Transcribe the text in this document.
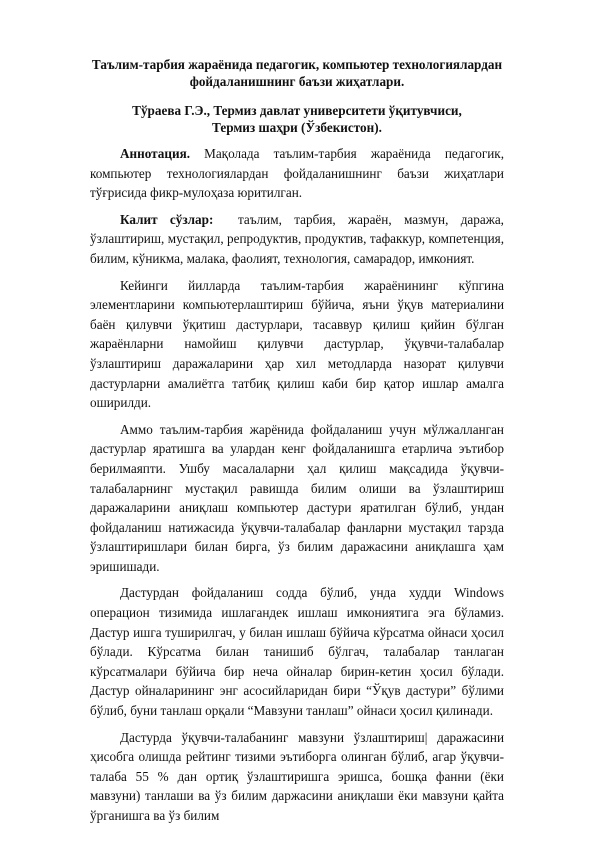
Таълим-тарбия жараёнида педагогик, компьютер технологиялардан
фойдаланишнинг баъзи жиҳатлари.
Тўраева Г.Э., Термиз давлат университети ўқитувчиси,
Термиз шаҳри (Ўзбекистон).

Аннотация. Мақолада таълим-тарбия жараёнида педагогик, компьютер технологиялардан фойдаланишнинг баъзи жиҳатлари тўғрисида фикр-мулоҳаза юритилган.

Калит сўзлар:  таълим, тарбия, жараён, мазмун, даража, ўзлаштириш, мустақил, репродуктив, продуктив, тафаккур, компетенция, билим, кўникма, малака, фаолият, технология, самарадор, имконият.

Кейинги йилларда таълим-тарбия жараёнининг кўпгина элементларини компьютерлаштириш бўйича, яъни ўқув материалини баён қилувчи ўқитиш дастурлари, тасаввур қилиш қийин бўлган жараёнларни намойиш қилувчи дастурлар, ўқувчи-талабалар ўзлаштириш даражаларини ҳар хил методларда назорат қилувчи дастурларни амалиётга татбиқ қилиш каби бир қатор ишлар амалга оширилди.

Аммо таълим-тарбия жарёнида фойдаланиш учун мўлжалланган дастурлар яратишга ва улардан кенг фойдаланишга етарлича эътибор берилмаяпти. Ушбу масалаларни ҳал қилиш мақсадида ўқувчи-талабаларнинг мустақил равишда билим олиши ва ўзлаштириш даражаларини аниқлаш компьютер дастури яратилган бўлиб, ундан фойдаланиш натижасида ўқувчи-талабалар фанларни мустақил тарзда ўзлаштиришлари билан бирга, ўз билим даражасини аниқлашга ҳам эришишади.

Дастурдан фойдаланиш содда бўлиб, унда худди Windows операцион тизимида ишлагандек ишлаш имкониятига эга бўламиз. Дастур ишга туширилгач, у билан ишлаш бўйича кўрсатма ойнаси ҳосил бўлади. Кўрсатма билан танишиб бўлгач, талабалар танлаган кўрсатмалари бўйича бир неча ойналар бирин-кетин ҳосил бўлади. Дастур ойналарининг энг асосийларидан бири “Ўқув дастури” бўлими бўлиб, буни танлаш орқали “Мавзуни танлаш” ойнаси ҳосил қилинади.

Дастурда ўқувчи-талабанинг мавзуни ўзлаштириш| даражасини ҳисобга олишда рейтинг тизими эътиборга олинган бўлиб, агар ўқувчи-талаба 55 % дан ортиқ ўзлаштиришга эришса, бошқа фанни (ёки мавзуни) танлаши ва ўз билим даржасини аниқлаши ёки мавзуни қайта ўрганишга ва ўз билим
